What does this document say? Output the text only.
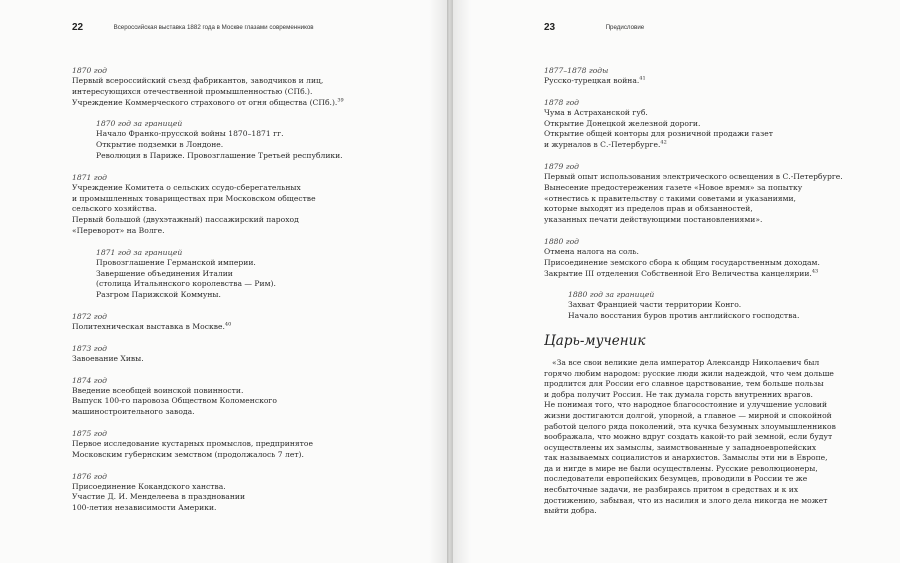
22	Всероссийская выставка 1882 года в Москве глазами современников
1870 год
Первый всероссийский съезд фабрикантов, заводчиков и лиц,
интересующихся отечественной промышленностью (СПб.).
Учреждение Коммерческого страхового от огня общества (СПб.).$^{39}$
1870 год за границей
Начало Франко-прусской войны 1870–1871 гг.
Открытие подземки в Лондоне.
Революция в Париже. Провозглашение Третьей республики.
1871 год
Учреждение Комитета о сельских ссудо-сберегательных
и промышленных товариществах при Московском обществе
сельского хозяйства.
Первый большой (двухэтажный) пассажирский пароход
«Переворот» на Волге.
1871 год за границей
Провозглашение Германской империи.
Завершение объединения Италии
(столица Итальянского королевства — Рим).
Разгром Парижской Коммуны.
1872 год
Политехническая выставка в Москве.$^{40}$
1873 год
Завоевание Хивы.
1874 год
Введение всеобщей воинской повинности.
Выпуск 100-го паровоза Обществом Коломенского
машиностроительного завода.
1875 год
Первое исследование кустарных промыслов, предпринятое
Московским губернским земством (продолжалось 7 лет).
1876 год
Присоединение Кокандского ханства.
Участие Д. И. Менделеева в праздновании
100-летия независимости Америки.
23	Предисловие
1877–1878 годы
Русско-турецкая война.$^{41}$
1878 год
Чума в Астраханской губ.
Открытие Донецкой железной дороги.
Открытие общей конторы для розничной продажи газет
и журналов в С.-Петербурге.$^{42}$
1879 год
Первый опыт использования электрического освещения в С.-Петербурге.
Вынесение предостережения газете «Новое время» за попытку
«отнестись к правительству с такими советами и указаниями,
которые выходят из пределов прав и обязанностей,
указанных печати действующими постановлениями».
1880 год
Отмена налога на соль.
Присоединение земского сбора к общим государственным доходам.
Закрытие III отделения Собственной Его Величества канцелярии.$^{43}$
1880 год за границей
Захват Францией части территории Конго.
Начало восстания буров против английского господства.
Царь-мученик
«За все свои великие дела император Александр Николаевич был
горячо любим народом: русские люди жили надеждой, что чем дольше
продлится для России его славное царствование, тем больше пользы
и добра получит Россия. Не так думала горсть внутренних врагов.
Не понимая того, что народное благосостояние и улучшение условий
жизни достигаются долгой, упорной, а главное — мирной и спокойной
работой целого ряда поколений, эта кучка безумных злоумышленников
воображала, что можно вдруг создать какой-то рай земной, если будут
осуществлены их замыслы, заимствованные у западноевропейских
так называемых социалистов и анархистов. Замыслы эти ни в Европе,
да и нигде в мире не были осуществлены. Русские революционеры,
последователи европейских безумцев, проводили в России те же
несбыточные задачи, не разбираясь притом в средствах и к их
достижению, забывая, что из насилия и злого дела никогда не может
выйти добра.
